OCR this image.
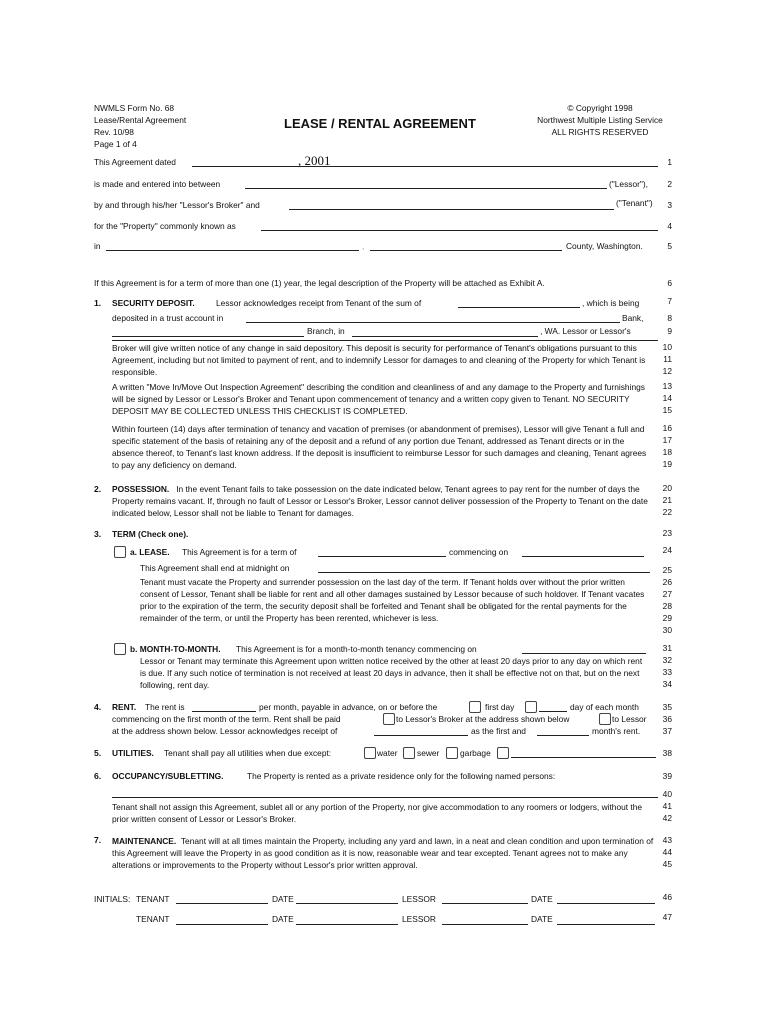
NWMLS Form No. 68
Lease/Rental Agreement
Rev. 10/98
Page 1 of 4
LEASE / RENTAL AGREEMENT
© Copyright 1998
Northwest Multiple Listing Service
ALL RIGHTS RESERVED
This Agreement dated	, 2001
is made and entered into between	("Lessor"),
by and through his/her "Lessor's Broker" and	("Tenant")
for the "Property" commonly known as
in	,	County, Washington.
If this Agreement is for a term of more than one (1) year, the legal description of the Property will be attached as Exhibit A.
1. SECURITY DEPOSIT.	Lessor acknowledges receipt from Tenant of the sum of	, which is being
deposited in a trust account in	Bank,
Branch, in	, WA. Lessor or Lessor's
Broker will give written notice of any change in said depository. This deposit is security for performance of Tenant's obligations pursuant to this Agreement, including but not limited to payment of rent, and to indemnify Lessor for damages to and cleaning of the Property for which Tenant is responsible.
A written "Move In/Move Out Inspection Agreement" describing the condition and cleanliness of and any damage to the Property and furnishings will be signed by Lessor or Lessor's Broker and Tenant upon commencement of tenancy and a written copy given to Tenant. NO SECURITY DEPOSIT MAY BE COLLECTED UNLESS THIS CHECKLIST IS COMPLETED.
Within fourteen (14) days after termination of tenancy and vacation of premises (or abandonment of premises), Lessor will give Tenant a full and specific statement of the basis of retaining any of the deposit and a refund of any portion due Tenant, addressed as Tenant directs or in the absence thereof, to Tenant's last known address. If the deposit is insufficient to reimburse Lessor for such damages and cleaning, Tenant agrees to pay any deficiency on demand.
2. POSSESSION. In the event Tenant fails to take possession on the date indicated below, Tenant agrees to pay rent for the number of days the Property remains vacant. If, through no fault of Lessor or Lessor's Broker, Lessor cannot deliver possession of the Property to Tenant on the date indicated below, Lessor shall not be liable to Tenant for damages.
3. TERM (Check one).
a. LEASE. This Agreement is for a term of	commencing on
This Agreement shall end at midnight on
Tenant must vacate the Property and surrender possession on the last day of the term. If Tenant holds over without the prior written consent of Lessor, Tenant shall be liable for rent and all other damages sustained by Lessor because of such holdover. If Tenant vacates prior to the expiration of the term, the security deposit shall be forfeited and Tenant shall be obligated for the rental payments for the remainder of the term, or until the Property has been rerented, whichever is less.
b. MONTH-TO-MONTH. This Agreement is for a month-to-month tenancy commencing on
Lessor or Tenant may terminate this Agreement upon written notice received by the other at least 20 days prior to any day on which rent is due. If any such notice of termination is not received at least 20 days in advance, then it shall be effective not on that, but on the next following, rent day.
4. RENT. The rent is	per month, payable in advance, on or before the	first day	day of each month
commencing on the first month of the term. Rent shall be paid	to Lessor's Broker at the address shown below	to Lessor
at the address shown below. Lessor acknowledges receipt of	as the first and	month's rent.
5. UTILITIES. Tenant shall pay all utilities when due except:	water sewer garbage
6. OCCUPANCY/SUBLETTING.	The Property is rented as a private residence only for the following named persons:
Tenant shall not assign this Agreement, sublet all or any portion of the Property, nor give accommodation to any roomers or lodgers, without the prior written consent of Lessor or Lessor's Broker.
7. MAINTENANCE. Tenant will at all times maintain the Property, including any yard and lawn, in a neat and clean condition and upon termination of this Agreement will leave the Property in as good condition as it is now, reasonable wear and tear excepted. Tenant agrees not to make any alterations or improvements to the Property without Lessor's prior written approval.
INITIALS: TENANT	DATE	LESSOR	DATE
TENANT	DATE	LESSOR	DATE
1
2
3
4
5
6
7
8
9
10
11
12
13
14
15
16
17
18
19
20
21
22
23
24
25
26
27
28
29
30
31
32
33
34
35
36
37
38
39
40
41
42
43
44
45
46
47
